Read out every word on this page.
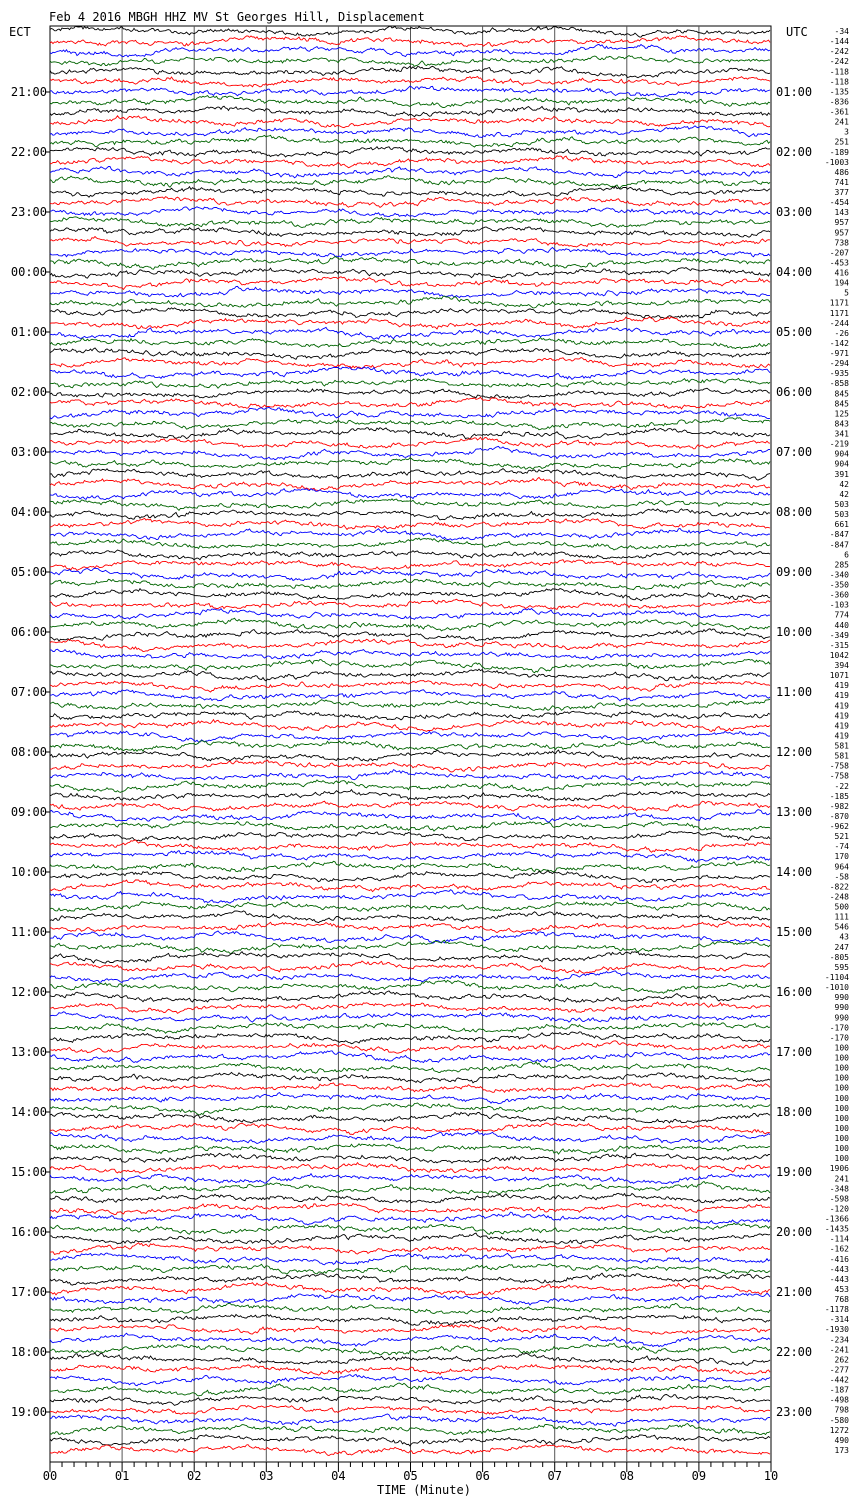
Feb 4 2016 MBGH HHZ MV St Georges Hill, Displacement
ECT	UTC
21:00
22:00
23:00
00:00
01:00
02:00
03:00
04:00
05:00
06:00
07:00
08:00
09:00
10:00
11:00
12:00
13:00
14:00
15:00
16:00
17:00
18:00
19:00
01:00
02:00
03:00
04:00
05:00
06:00
07:00
08:00
09:00
10:00
11:00
12:00
13:00
14:00
15:00
16:00
17:00
18:00
19:00
20:00
21:00
22:00
23:00
-34
-144
-242
-242
-118
-118
-135
-836
-361
241
3
251
-189
-1003
486
741
377
-454
143
957
957
738
-207
-453
416
194
5
1171
1171
-244
-26
-142
-971
-294
-935
-858
845
845
125
843
341
-219
904
904
391
42
42
503
503
661
-847
-847
6
285
-340
-350
-360
-103
774
440
-349
-315
1042
394
1071
419
419
419
419
419
419
581
581
-758
-758
-22
-185
-982
-870
-962
521
-74
170
964
-58
-822
-248
500
111
546
43
247
-805
595
-1104
-1010
990
990
990
-170
-170
100
100
100
100
100
100
100
100
100
100
100
100
1906
241
-348
-598
-120
-1366
-1435
-114
-162
-416
-443
-443
453
768
-1178
-314
-1930
-234
-241
262
-277
-442
-187
-498
798
-580
1272
490
173
00	01	02	03	04	05	06	07	08	09	10
TIME (Minute)
